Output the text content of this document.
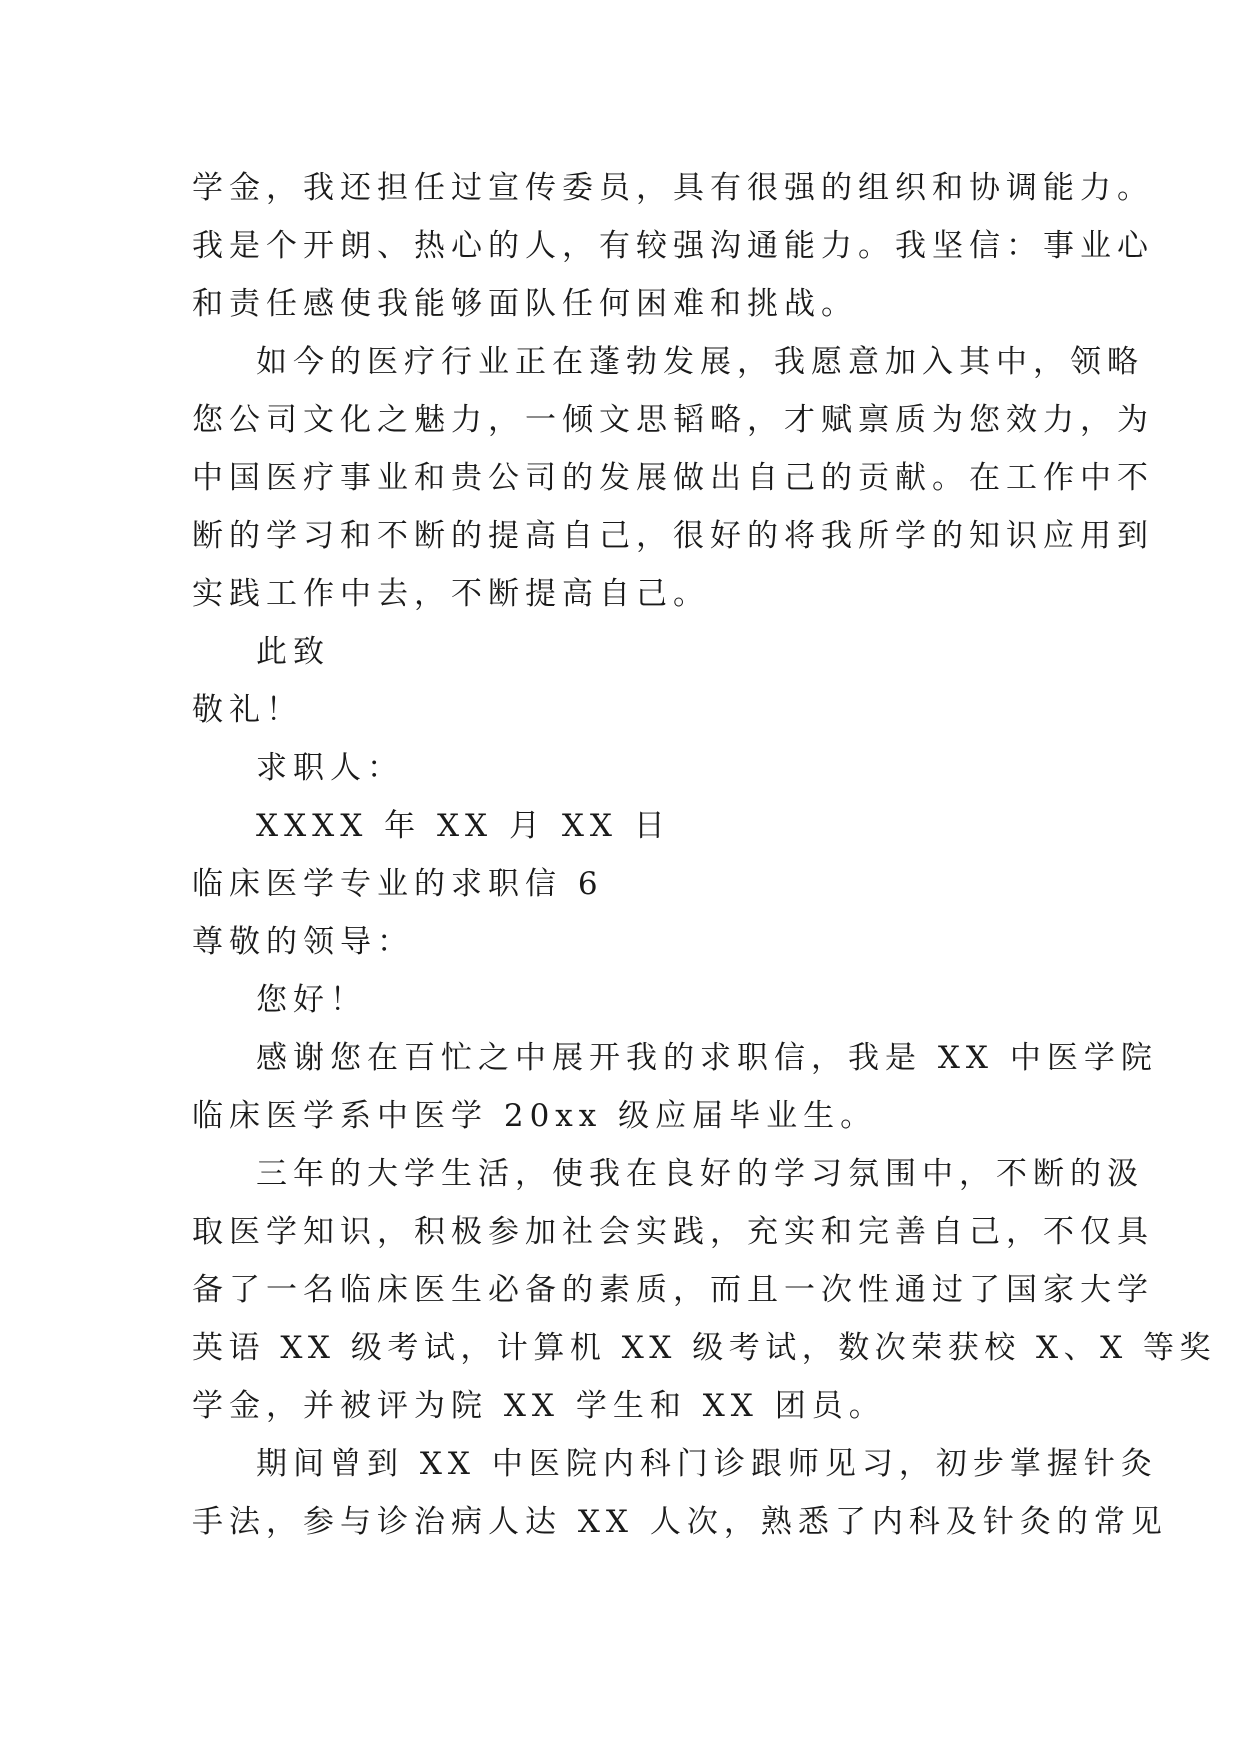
学金，我还担任过宣传委员，具有很强的组织和协调能力。

我是个开朗、热心的人，有较强沟通能力。我坚信：事业心

和责任感使我能够面队任何困难和挑战。

如今的医疗行业正在蓬勃发展，我愿意加入其中，领略

您公司文化之魅力，一倾文思韬略，才赋禀质为您效力，为

中国医疗事业和贵公司的发展做出自己的贡献。在工作中不

断的学习和不断的提高自己，很好的将我所学的知识应用到

实践工作中去，不断提高自己。

此致

敬礼！

求职人：

XXXX 年 XX 月 XX 日

临床医学专业的求职信 6

尊敬的领导：

您好！

感谢您在百忙之中展开我的求职信，我是 XX 中医学院

临床医学系中医学 20xx 级应届毕业生。

三年的大学生活，使我在良好的学习氛围中，不断的汲

取医学知识，积极参加社会实践，充实和完善自己，不仅具

备了一名临床医生必备的素质，而且一次性通过了国家大学

英语 XX 级考试，计算机 XX 级考试，数次荣获校 X、X 等奖

学金，并被评为院 XX 学生和 XX 团员。

期间曾到 XX 中医院内科门诊跟师见习，初步掌握针灸

手法，参与诊治病人达 XX 人次，熟悉了内科及针灸的常见
